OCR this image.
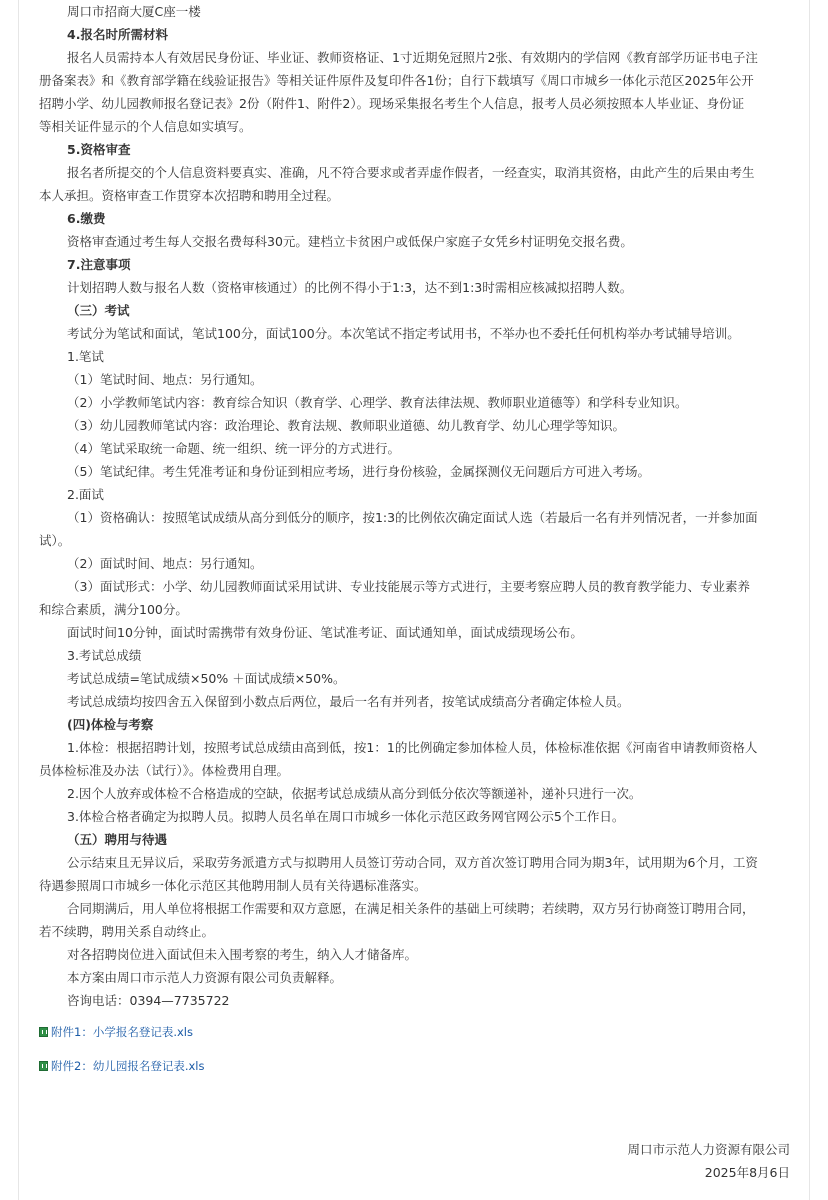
周口市招商大厦C座一楼
4.报名时所需材料
报名人员需持本人有效居民身份证、毕业证、教师资格证、1寸近期免冠照片2张、有效期内的学信网《教育部学历证书电子注
册备案表》和《教育部学籍在线验证报告》等相关证件原件及复印件各1份；自行下载填写《周口市城乡一体化示范区2025年公开
招聘小学、幼儿园教师报名登记表》2份（附件1、附件2）。现场采集报名考生个人信息，报考人员必须按照本人毕业证、身份证
等相关证件显示的个人信息如实填写。
5.资格审查
报名者所提交的个人信息资料要真实、准确，凡不符合要求或者弄虚作假者，一经查实，取消其资格，由此产生的后果由考生
本人承担。资格审查工作贯穿本次招聘和聘用全过程。
6.缴费
资格审查通过考生每人交报名费每科30元。建档立卡贫困户或低保户家庭子女凭乡村证明免交报名费。
7.注意事项
计划招聘人数与报名人数（资格审核通过）的比例不得小于1:3，达不到1:3时需相应核减拟招聘人数。
（三）考试
考试分为笔试和面试，笔试100分，面试100分。本次笔试不指定考试用书，不举办也不委托任何机构举办考试辅导培训。
1.笔试
（1）笔试时间、地点：另行通知。
（2）小学教师笔试内容：教育综合知识（教育学、心理学、教育法律法规、教师职业道德等）和学科专业知识。
（3）幼儿园教师笔试内容：政治理论、教育法规、教师职业道德、幼儿教育学、幼儿心理学等知识。
（4）笔试采取统一命题、统一组织、统一评分的方式进行。
（5）笔试纪律。考生凭准考证和身份证到相应考场，进行身份核验，金属探测仪无问题后方可进入考场。
2.面试
（1）资格确认：按照笔试成绩从高分到低分的顺序，按1:3的比例依次确定面试人选（若最后一名有并列情况者，一并参加面
试）。
（2）面试时间、地点：另行通知。
（3）面试形式：小学、幼儿园教师面试采用试讲、专业技能展示等方式进行，主要考察应聘人员的教育教学能力、专业素养
和综合素质，满分100分。
面试时间10分钟，面试时需携带有效身份证、笔试准考证、面试通知单，面试成绩现场公布。
3.考试总成绩
考试总成绩=笔试成绩×50% ＋面试成绩×50%。
考试总成绩均按四舍五入保留到小数点后两位，最后一名有并列者，按笔试成绩高分者确定体检人员。
(四)体检与考察
1.体检：根据招聘计划，按照考试总成绩由高到低，按1：1的比例确定参加体检人员，体检标准依据《河南省申请教师资格人
员体检标准及办法（试行）》。体检费用自理。
2.因个人放弃或体检不合格造成的空缺，依据考试总成绩从高分到低分依次等额递补，递补只进行一次。
3.体检合格者确定为拟聘人员。拟聘人员名单在周口市城乡一体化示范区政务网官网公示5个工作日。
（五）聘用与待遇
公示结束且无异议后，采取劳务派遣方式与拟聘用人员签订劳动合同，双方首次签订聘用合同为期3年，试用期为6个月，工资
待遇参照周口市城乡一体化示范区其他聘用制人员有关待遇标准落实。
合同期满后，用人单位将根据工作需要和双方意愿，在满足相关条件的基础上可续聘；若续聘，双方另行协商签订聘用合同，
若不续聘，聘用关系自动终止。
对各招聘岗位进入面试但未入围考察的考生，纳入人才储备库。
本方案由周口市示范人力资源有限公司负责解释。
咨询电话：0394—7735722
附件1：小学报名登记表.xls
附件2：幼儿园报名登记表.xls
周口市示范人力资源有限公司
2025年8月6日
